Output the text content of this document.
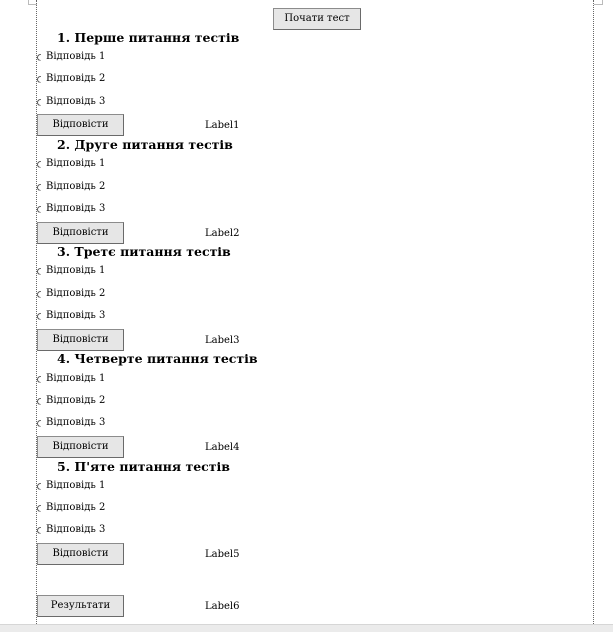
Почати тест
1. Перше питання тестів
Відповідь 1
Відповідь 2
Відповідь 3
Відповісти	Label1
2. Друге питання тестів
Відповідь 1
Відповідь 2
Відповідь 3
Відповісти	Label2
3. Третє питання тестів
Відповідь 1
Відповідь 2
Відповідь 3
Відповісти	Label3
4. Четверте питання тестів
Відповідь 1
Відповідь 2
Відповідь 3
Відповісти	Label4
5. П'яте питання тестів
Відповідь 1
Відповідь 2
Відповідь 3
Відповісти	Label5
Результати	Label6
